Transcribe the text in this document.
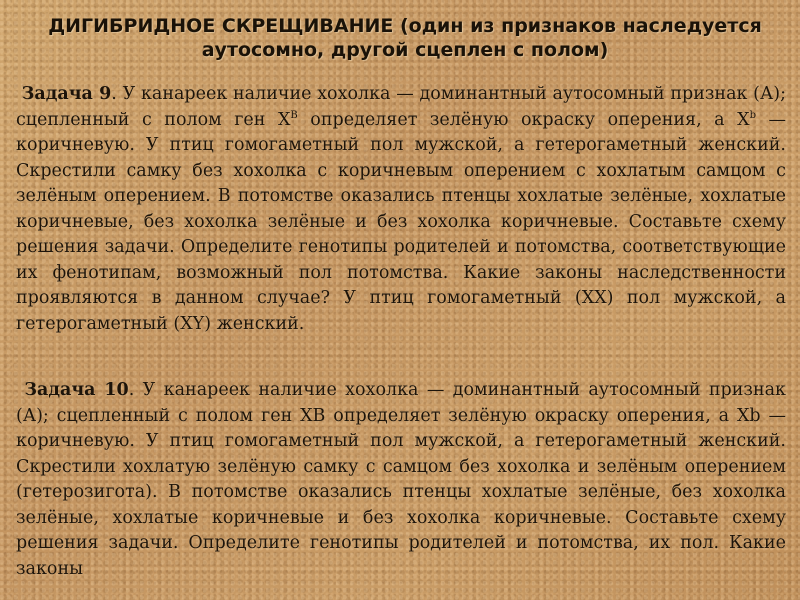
ДИГИБРИДНОЕ СКРЕЩИВАНИЕ (один из признаков наследуется аутосомно, другой сцеплен с полом)
Задача 9. У канареек наличие хохолка — доминантный аутосомный признак (А); сцепленный с полом ген $X^B$ определяет зелёную окраску оперения, а $X^b$ — коричневую. У птиц гомогаметный пол мужской, а гетерогаметный женский. Скрестили самку без хохолка с коричневым оперением с хохлатым самцом с зелёным оперением. В потомстве оказались птенцы хохлатые зелёные, хохлатые коричневые, без хохолка зелёные и без хохолка коричневые. Составьте схему решения задачи. Определите генотипы родителей и потомства, соответствующие их фенотипам, возможный пол потомства. Какие законы наследственности проявляются в данном случае? У птиц гомогаметный (ХХ) пол мужской, а гетерогаметный (ХY) женский.
Задача 10. У канареек наличие хохолка — доминантный аутосомный признак (А); сцепленный с полом ген XB определяет зелёную окраску оперения, а Xb — коричневую. У птиц гомогаметный пол мужской, а гетерогаметный женский. Скрестили хохлатую зелёную самку с самцом без хохолка и зелёным оперением (гетерозигота). В потомстве оказались птенцы хохлатые зелёные, без хохолка зелёные, хохлатые коричневые и без хохолка коричневые. Составьте схему решения задачи. Определите генотипы родителей и потомства, их пол. Какие законы
